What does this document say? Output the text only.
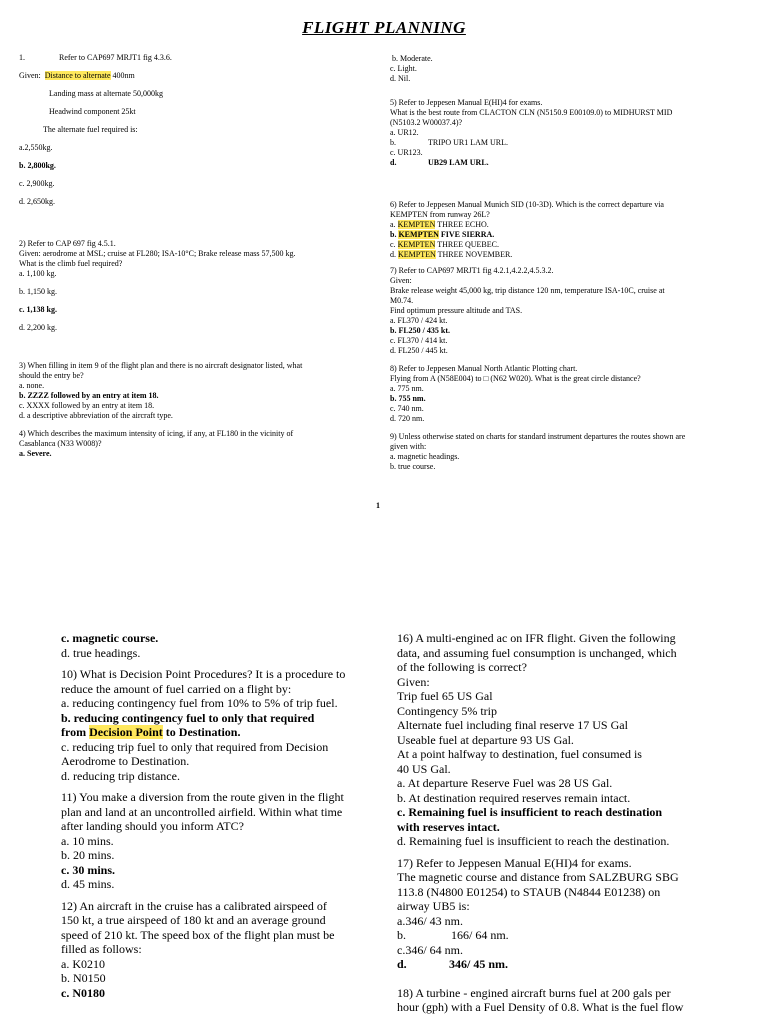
FLIGHT PLANNING
1.	Refer to CAP697 MRJT1 fig 4.3.6.
Given: Distance to alternate 400nm
Landing mass at alternate 50,000kg
Headwind component 25kt
The alternate fuel required is:
a.2,550kg.
b. 2,800kg.
c. 2,900kg.
d. 2,650kg.
2) Refer to CAP 697 fig 4.5.1.
Given: aerodrome at MSL; cruise at FL280; ISA-10°C; Brake release mass 57,500 kg.
What is the climb fuel required?
a. 1,100 kg.
b. 1,150 kg.
c. 1,138 kg.
d. 2,200 kg.
3) When filling in item 9 of the flight plan and there is no aircraft designator listed, what
should the entry be?
a. none.
b. ZZZZ followed by an entry at item 18.
c. XXXX followed by an entry at item 18.
d. a descriptive abbreviation of the aircraft type.
4) Which describes the maximum intensity of icing, if any, at FL180 in the vicinity of
Casablanca (N33 W008)?
a. Severe.
b. Moderate.
c. Light.
d. Nil.
5) Refer to Jeppesen Manual E(HI)4 for exams.
What is the best route from CLACTON CLN (N5150.9 E00109.0) to MIDHURST MID
(N5103.2 W00037.4)?
a. UR12.
b.	TRIPO UR1 LAM URL.
c. UR123.
d.	UB29 LAM URL.
6) Refer to Jeppesen Manual Munich SID (10-3D). Which is the correct departure via
KEMPTEN from runway 26L?
a. KEMPTEN THREE ECHO.
b. KEMPTEN FIVE SIERRA.
c. KEMPTEN THREE QUEBEC.
d. KEMPTEN THREE NOVEMBER.
7) Refer to CAP697 MRJT1 fig 4.2.1,4.2.2,4.5.3.2.
Given:
Brake release weight 45,000 kg, trip distance 120 nm, temperature ISA-10C, cruise at
M0.74.
Find optimum pressure altitude and TAS.
a. FL370 / 424 kt.
b. FL250 / 435 kt.
c. FL370 / 414 kt.
d. FL250 / 445 kt.
8) Refer to Jeppesen Manual North Atlantic Plotting chart.
Flying from A (N58E004) to □ (N62 W020). What is the great circle distance?
a. 775 nm.
b. 755 nm.
c. 740 nm.
d. 720 nm.
9) Unless otherwise stated on charts for standard instrument departures the routes shown are
given with:
a. magnetic headings.
b. true course.
1
c. magnetic course.
d. true headings.
10) What is Decision Point Procedures? It is a procedure to
reduce the amount of fuel carried on a flight by:
a. reducing contingency fuel from 10% to 5% of trip fuel.
b. reducing contingency fuel to only that required
from Decision Point to Destination.
c. reducing trip fuel to only that required from Decision
Aerodrome to Destination.
d. reducing trip distance.
11) You make a diversion from the route given in the flight
plan and land at an uncontrolled airfield. Within what time
after landing should you inform ATC?
a. 10 mins.
b. 20 mins.
c. 30 mins.
d. 45 mins.
12) An aircraft in the cruise has a calibrated airspeed of
150 kt, a true airspeed of 180 kt and an average ground
speed of 210 kt. The speed box of the flight plan must be
filled as follows:
a. K0210
b. N0150
c. N0180
16) A multi-engined ac on IFR flight. Given the following
data, and assuming fuel consumption is unchanged, which
of the following is correct?
Given:
Trip fuel 65 US Gal
Contingency 5% trip
Alternate fuel including final reserve 17 US Gal
Useable fuel at departure 93 US Gal.
At a point halfway to destination, fuel consumed is
40 US Gal.
a. At departure Reserve Fuel was 28 US Gal.
b. At destination required reserves remain intact.
c. Remaining fuel is insufficient to reach destination
with reserves intact.
d. Remaining fuel is insufficient to reach the destination.
17) Refer to Jeppesen Manual E(HI)4 for exams.
The magnetic course and distance from SALZBURG SBG
113.8 (N4800 E01254) to STAUB (N4844 E01238) on
airway UB5 is:
a.346/ 43 nm.
b.	166/ 64 nm.
c.346/ 64 nm.
d.	346/ 45 nm.
18) A turbine - engined aircraft burns fuel at 200 gals per
hour (gph) with a Fuel Density of 0.8. What is the fuel flow
